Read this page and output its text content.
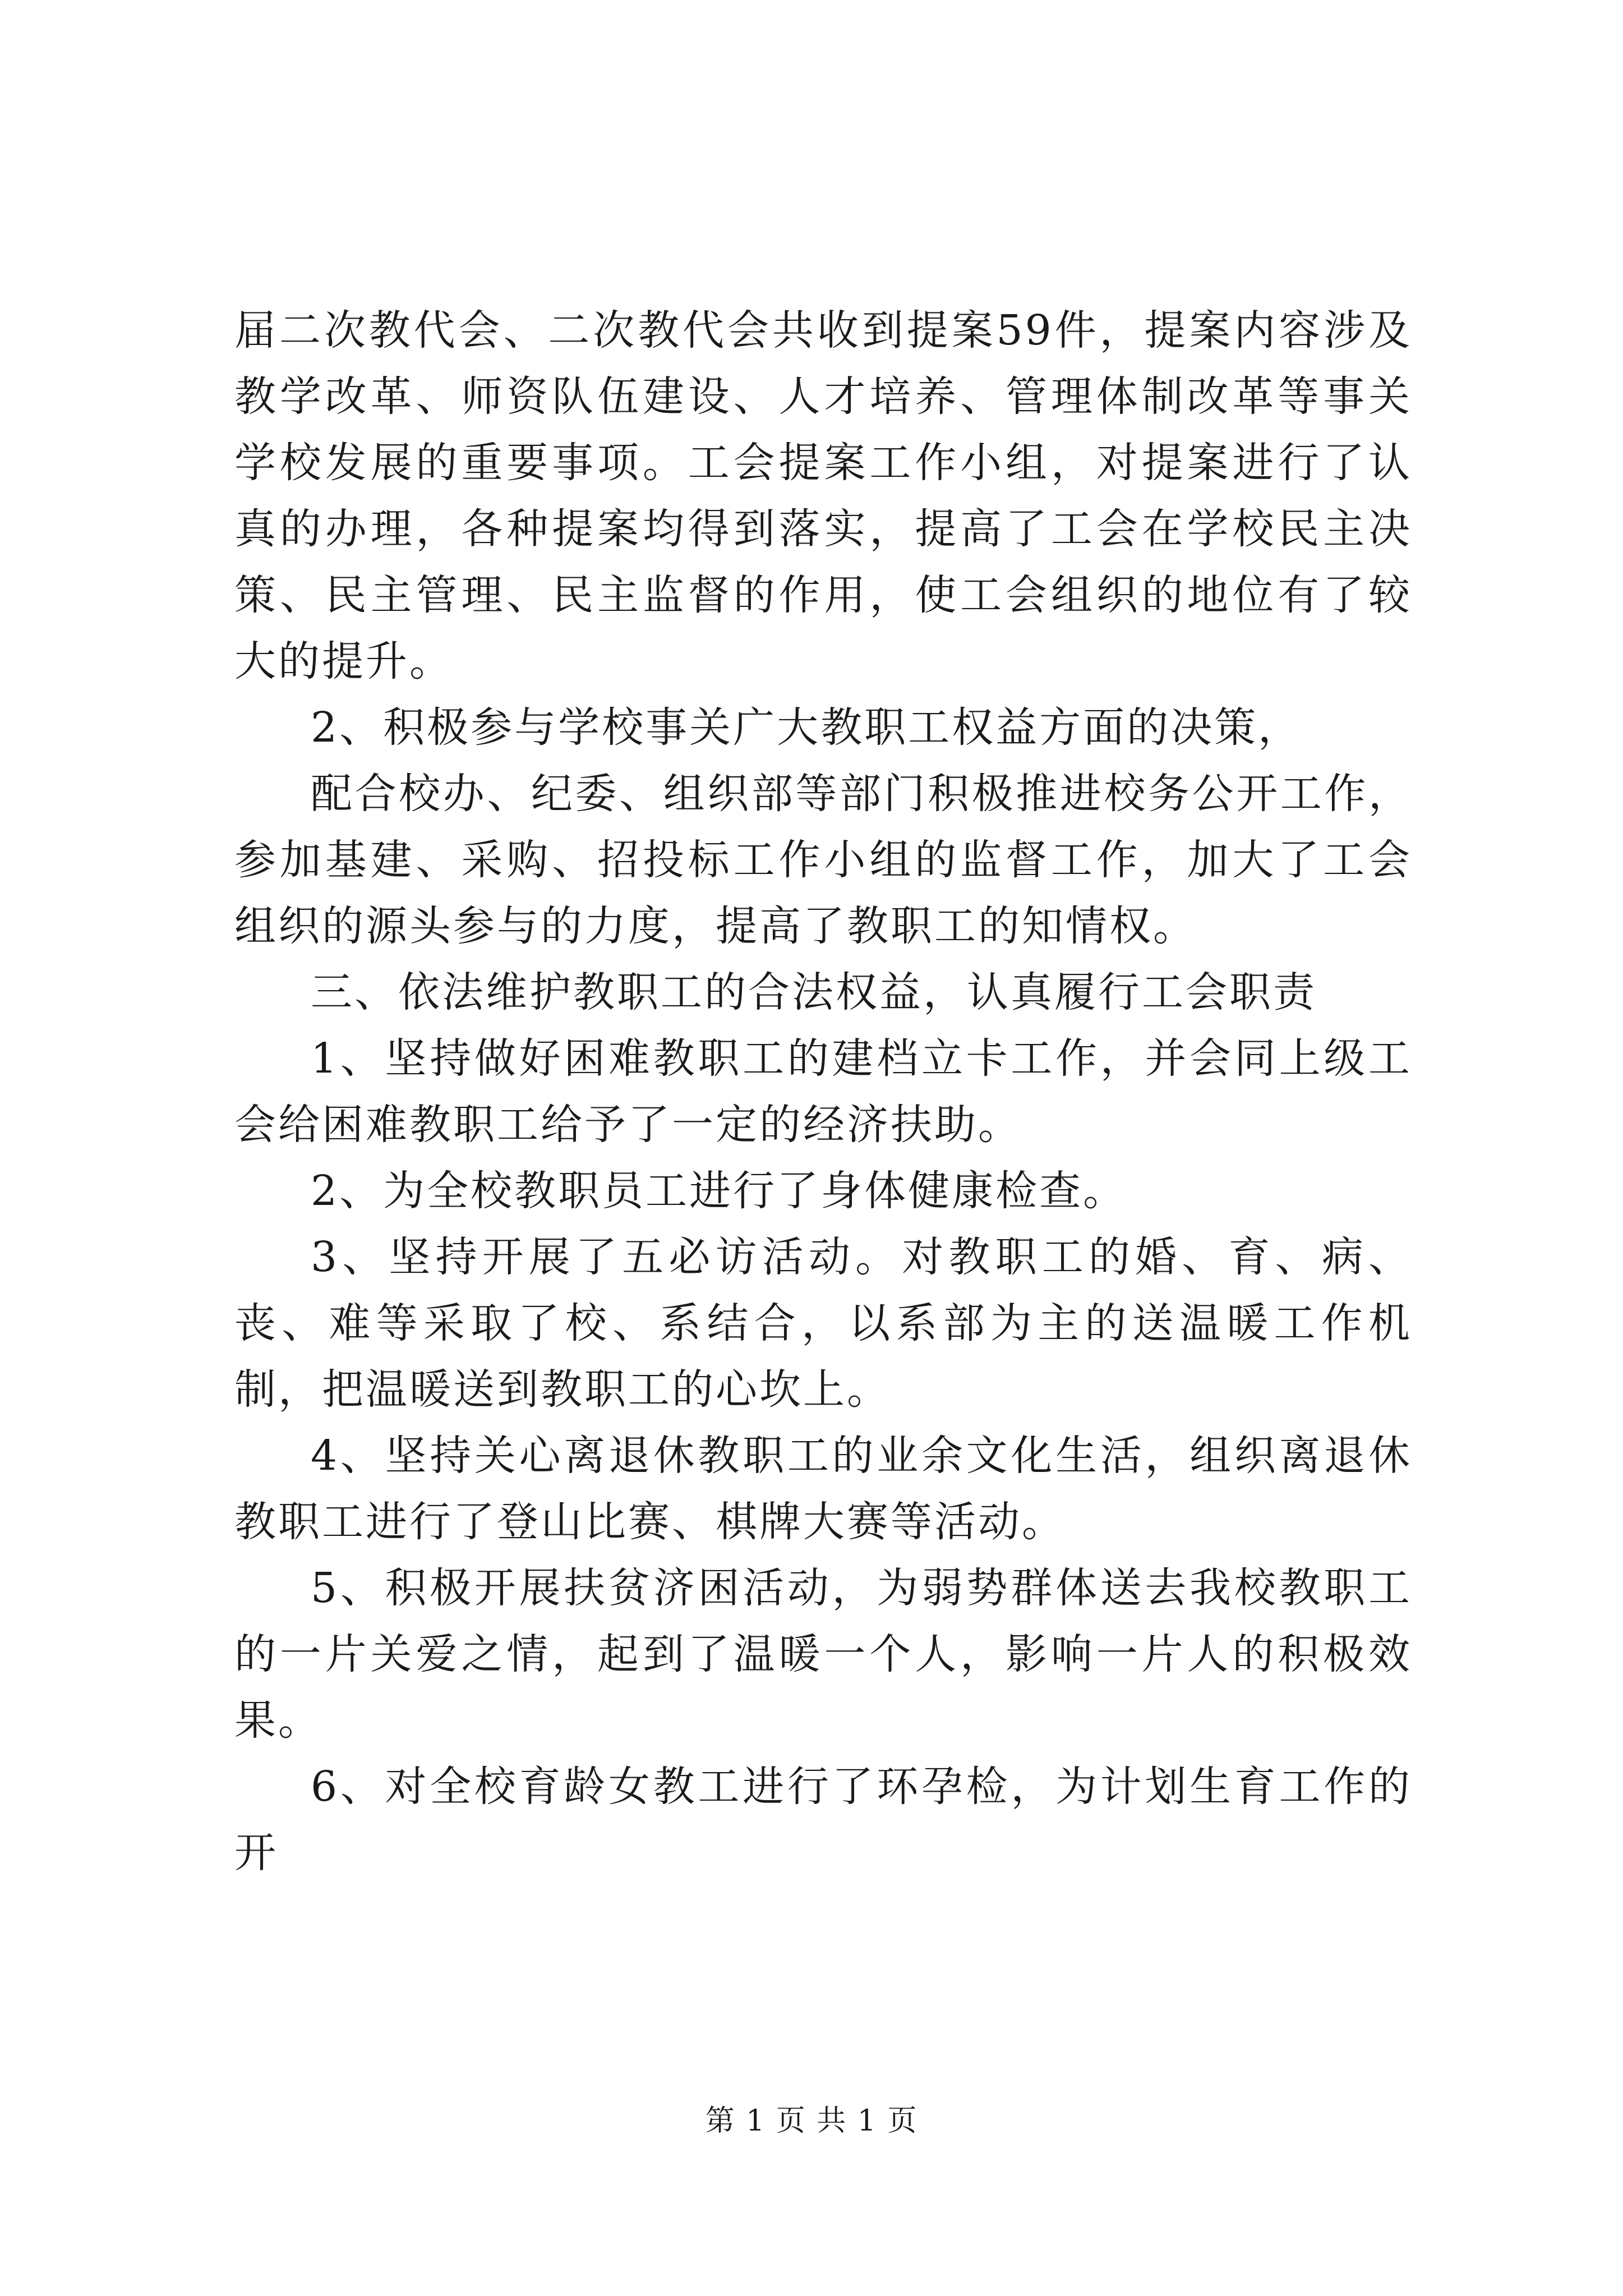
届二次教代会、二次教代会共收到提案59件，提案内容涉及教学改革、师资队伍建设、人才培养、管理体制改革等事关学校发展的重要事项。工会提案工作小组，对提案进行了认真的办理，各种提案均得到落实，提高了工会在学校民主决策、民主管理、民主监督的作用，使工会组织的地位有了较大的提升。

2、积极参与学校事关广大教职工权益方面的决策，

配合校办、纪委、组织部等部门积极推进校务公开工作，参加基建、采购、招投标工作小组的监督工作，加大了工会组织的源头参与的力度，提高了教职工的知情权。

三、依法维护教职工的合法权益，认真履行工会职责

1、坚持做好困难教职工的建档立卡工作，并会同上级工会给困难教职工给予了一定的经济扶助。

2、为全校教职员工进行了身体健康检查。

3、坚持开展了五必访活动。对教职工的婚、育、病、丧、难等采取了校、系结合，以系部为主的送温暖工作机制，把温暖送到教职工的心坎上。

4、坚持关心离退休教职工的业余文化生活，组织离退休教职工进行了登山比赛、棋牌大赛等活动。

5、积极开展扶贫济困活动，为弱势群体送去我校教职工的一片关爱之情，起到了温暖一个人，影响一片人的积极效果。

6、对全校育龄女教工进行了环孕检，为计划生育工作的开

第 1 页 共 1 页
